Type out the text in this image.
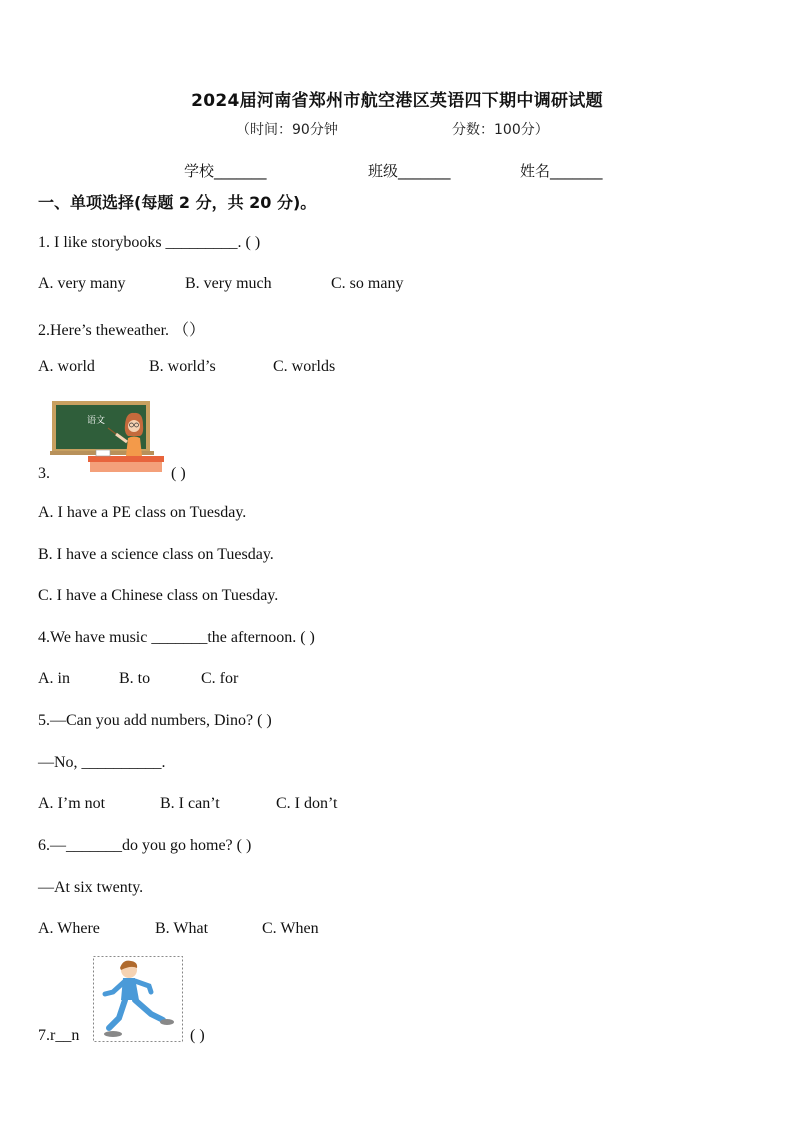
2024届河南省郑州市航空港区英语四下期中调研试题
（时间：90分钟	分数：100分）
学校_______	班级_______	姓名_______
一、单项选择(每题 2 分，共 20 分)。
1. I like storybooks _________. ( )
A. very many	B. very much	C. so many
2.Here’s theweather. （）
A. world	B. world’s	C. worlds
3.
语文
( )
A. I have a PE class on Tuesday.
B. I have a science class on Tuesday.
C. I have a Chinese class on Tuesday.
4.We have music _______the afternoon. ( )
A. in	B. to	C. for
5.—Can you add numbers, Dino? ( )
—No, __________.
A. I’m not	B. I can’t	C. I don’t
6.—_______do you go home? ( )
—At six twenty.
A. Where	B. What	C. When
7.r__n	( )
